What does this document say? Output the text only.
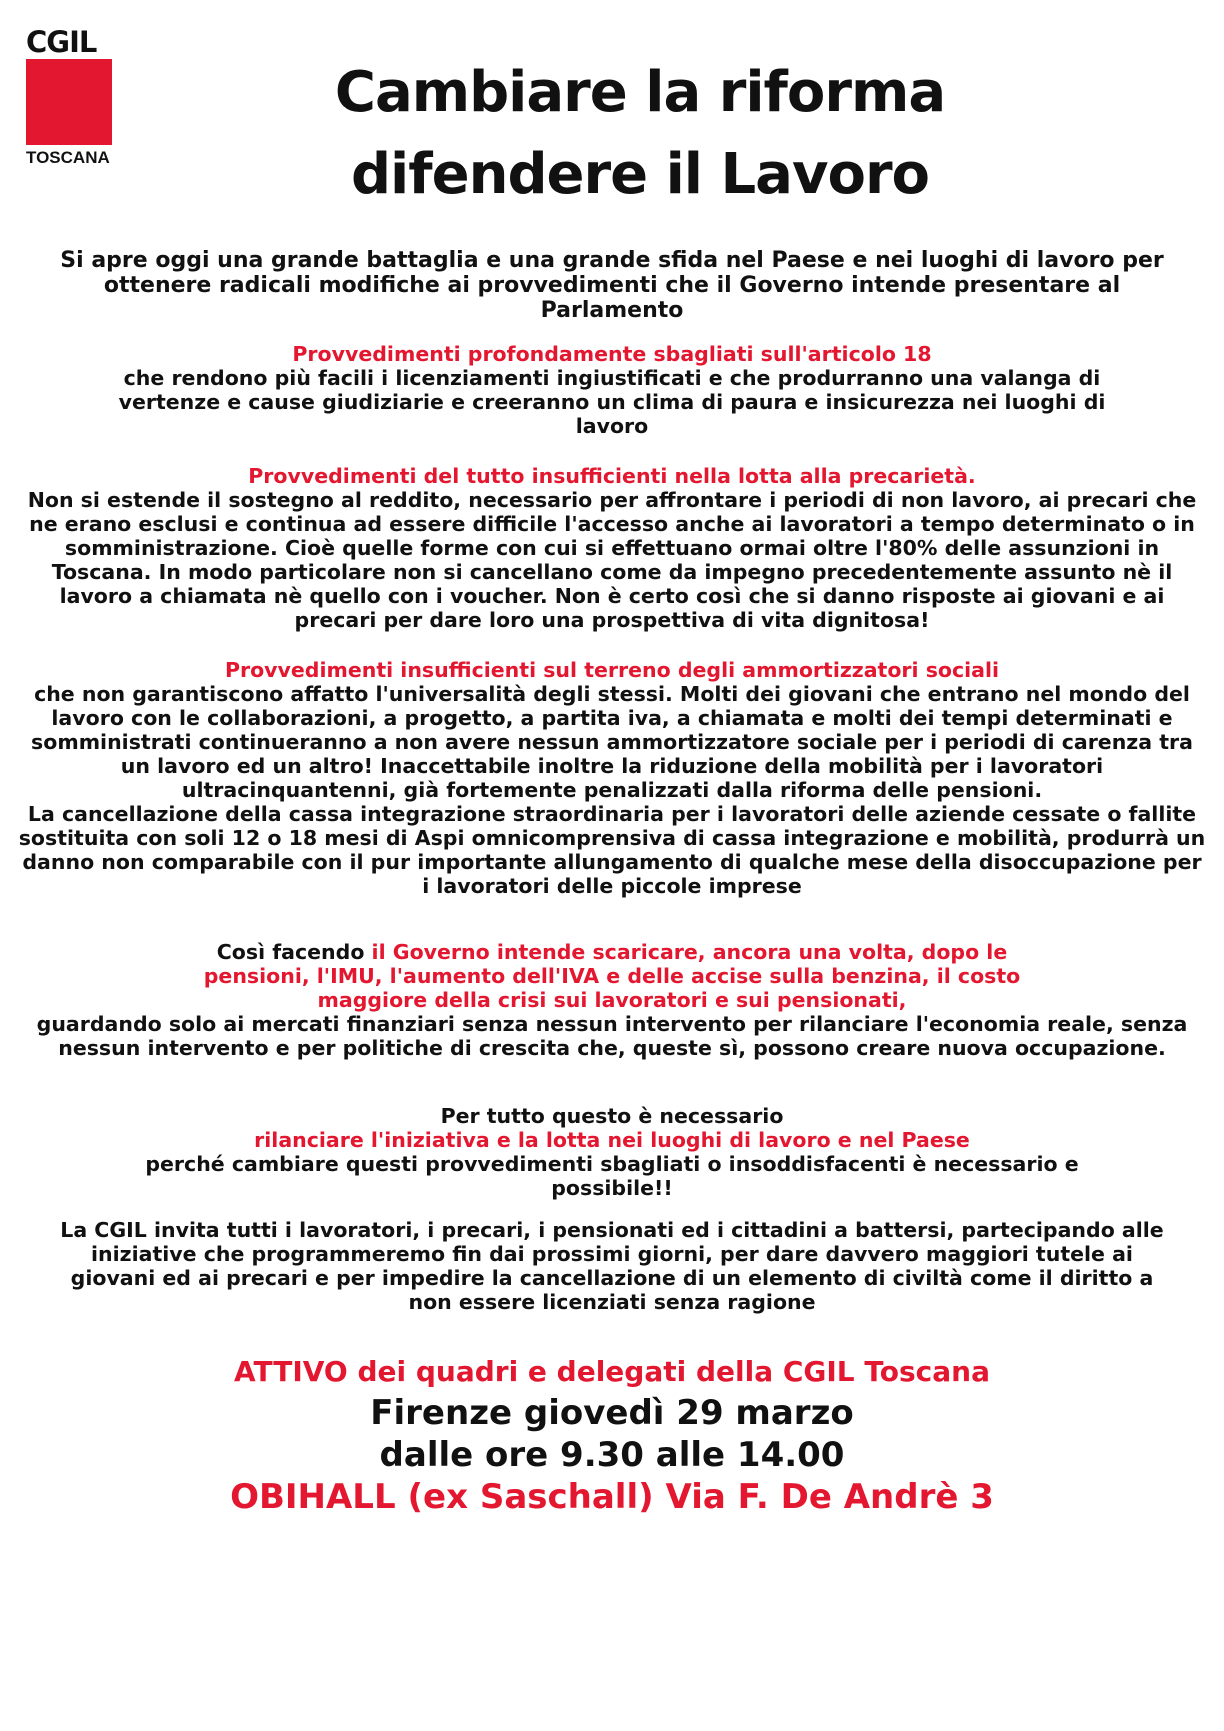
CGIL
TOSCANA
Cambiare la riforma
difendere il Lavoro

Si apre oggi una grande battaglia e una grande sfida nel Paese e nei luoghi di lavoro per ottenere radicali modifiche ai provvedimenti che il Governo intende presentare al Parlamento

Provvedimenti profondamente sbagliati sull'articolo 18

che rendono più facili i licenziamenti ingiustificati e che produrranno una valanga di vertenze e cause giudiziarie e creeranno un clima di paura e insicurezza nei luoghi di lavoro

Provvedimenti del tutto insufficienti nella lotta alla precarietà.

Non si estende il sostegno al reddito, necessario per affrontare i periodi di non lavoro, ai precari che ne erano esclusi e continua ad essere difficile l'accesso anche ai lavoratori a tempo determinato o in somministrazione. Cioè quelle forme con cui si effettuano ormai oltre l'80% delle assunzioni in Toscana. In modo particolare non si cancellano come da impegno precedentemente assunto nè il lavoro a chiamata nè quello con i voucher. Non è certo così che si danno risposte ai giovani e ai precari per dare loro una prospettiva di vita dignitosa!

Provvedimenti insufficienti sul terreno degli ammortizzatori sociali

che non garantiscono affatto l'universalità degli stessi. Molti dei giovani che entrano nel mondo del lavoro con le collaborazioni, a progetto, a partita iva, a chiamata e molti dei tempi determinati e somministrati continueranno a non avere nessun ammortizzatore sociale per i periodi di carenza tra un lavoro ed un altro! Inaccettabile inoltre la riduzione della mobilità per i lavoratori ultracinquantenni, già fortemente penalizzati dalla riforma delle pensioni.

La cancellazione della cassa integrazione straordinaria per i lavoratori delle aziende cessate o fallite sostituita con soli 12 o 18 mesi di Aspi omnicomprensiva di cassa integrazione e mobilità, produrrà un danno non comparabile con il pur importante allungamento di qualche mese della disoccupazione per i lavoratori delle piccole imprese

Così facendo il Governo intende scaricare, ancora una volta, dopo le pensioni, l'IMU, l'aumento dell'IVA e delle accise sulla benzina, il costo maggiore della crisi sui lavoratori e sui pensionati,

guardando solo ai mercati finanziari senza nessun intervento per rilanciare l'economia reale, senza nessun intervento e per politiche di crescita che, queste sì, possono creare nuova occupazione.

Per tutto questo è necessario

rilanciare l'iniziativa e la lotta nei luoghi di lavoro e nel Paese

perché cambiare questi provvedimenti sbagliati o insoddisfacenti è necessario e possibile!!

La CGIL invita tutti i lavoratori, i precari, i pensionati ed i cittadini a battersi, partecipando alle iniziative che programmeremo fin dai prossimi giorni, per dare davvero maggiori tutele ai giovani ed ai precari e per impedire la cancellazione di un elemento di civiltà come il diritto a non essere licenziati senza ragione

ATTIVO dei quadri e delegati della CGIL Toscana
Firenze giovedì 29 marzo
dalle ore 9.30 alle 14.00
OBIHALL (ex Saschall) Via F. De Andrè 3
